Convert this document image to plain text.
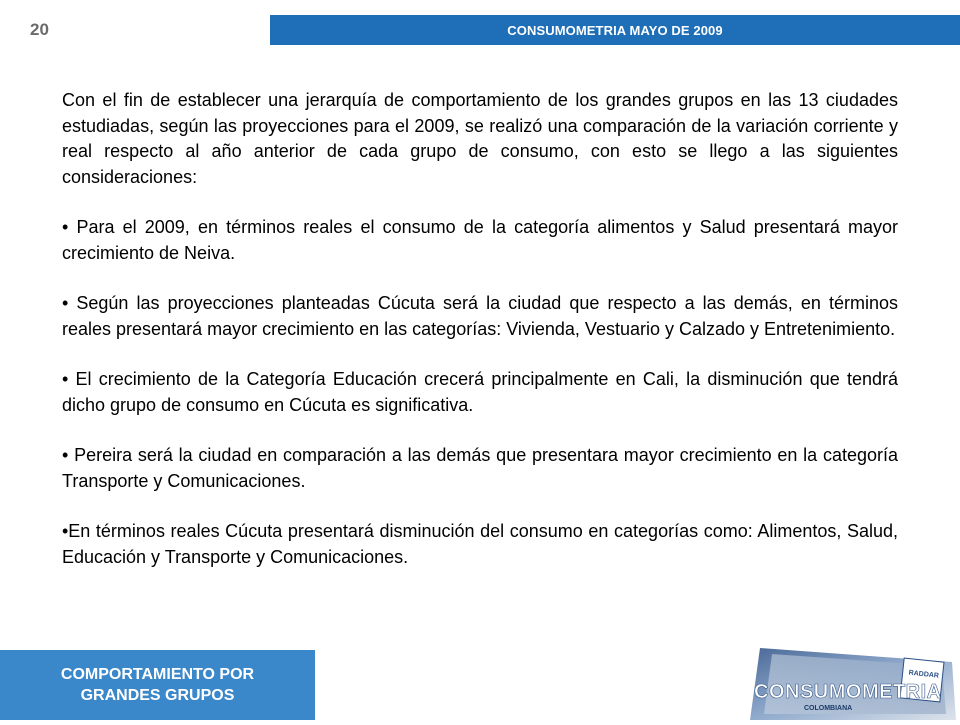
20	CONSUMOMETRIA MAYO DE 2009

Con el fin de establecer una jerarquía de comportamiento de los grandes grupos en las 13 ciudades estudiadas, según las proyecciones para el 2009, se realizó una comparación de la variación corriente y real respecto al año anterior de cada grupo de consumo, con esto se llego a las siguientes consideraciones:

• Para el 2009, en términos reales el consumo de la categoría alimentos y Salud presentará mayor crecimiento de Neiva.

• Según las proyecciones planteadas Cúcuta será la ciudad que respecto a las demás, en términos reales presentará mayor crecimiento en las categorías: Vivienda, Vestuario y Calzado y Entretenimiento.

• El crecimiento de la Categoría Educación crecerá principalmente en Cali, la disminución que tendrá dicho grupo de consumo en Cúcuta es significativa.

• Pereira será la ciudad en comparación a las demás que presentara mayor crecimiento en la categoría Transporte y Comunicaciones.

•En términos reales Cúcuta presentará disminución del consumo en categorías como: Alimentos, Salud, Educación y Transporte y Comunicaciones.

COMPORTAMIENTO POR
GRANDES GRUPOS
RADDAR
CONSUMOMETRIA
COLOMBIANA
